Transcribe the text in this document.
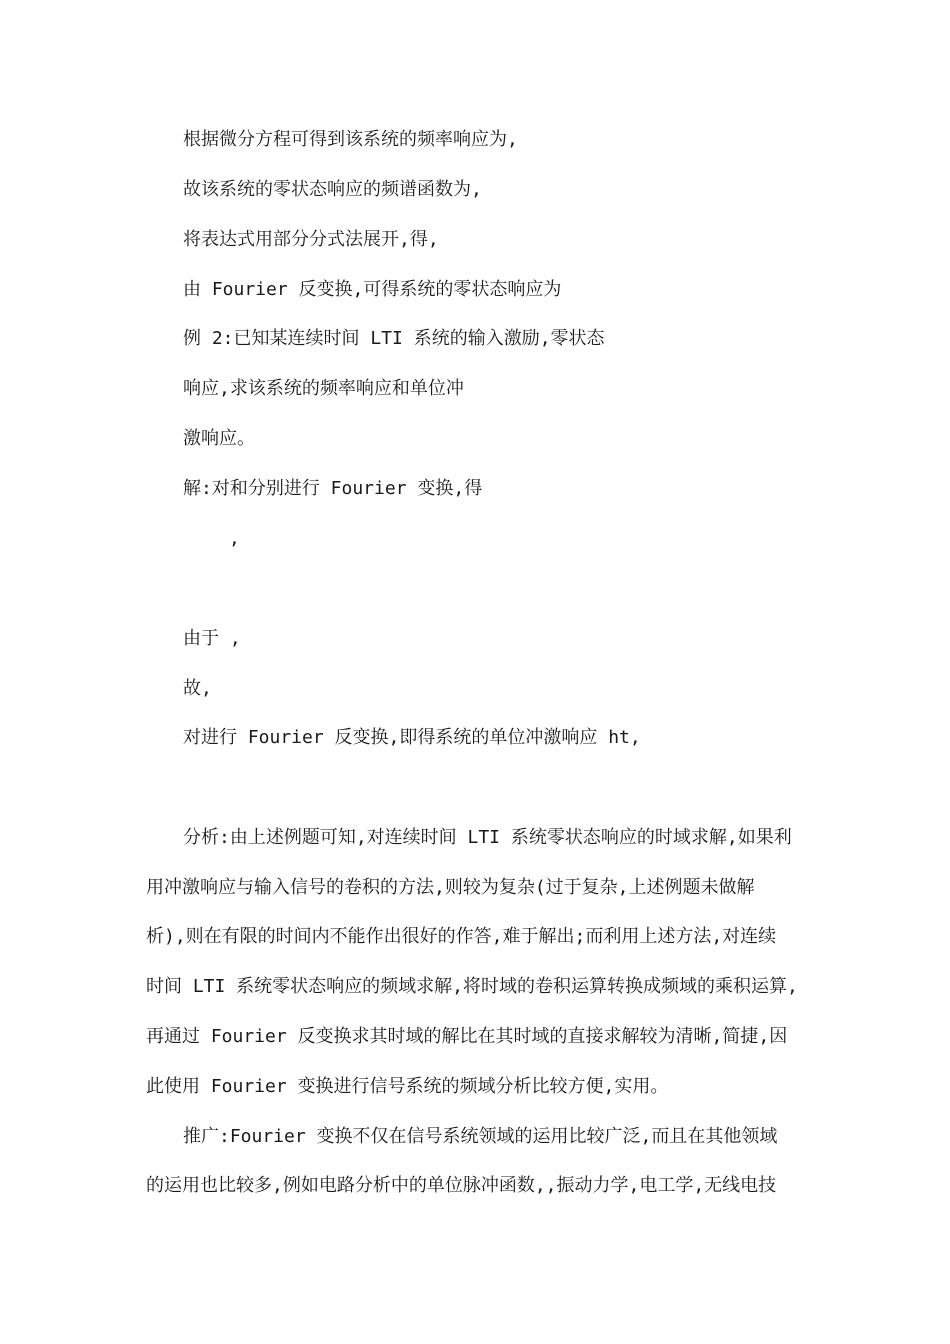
根据微分方程可得到该系统的频率响应为,
故该系统的零状态响应的频谱函数为,
将表达式用部分分式法展开,得,
由 Fourier 反变换,可得系统的零状态响应为
例 2:已知某连续时间 LTI 系统的输入激励,零状态
响应,求该系统的频率响应和单位冲
激响应。
解:对和分别进行 Fourier 变换,得
,
由于 ,
故,
对进行 Fourier 反变换,即得系统的单位冲激响应 ht,
分析:由上述例题可知,对连续时间 LTI 系统零状态响应的时域求解,如果利
用冲激响应与输入信号的卷积的方法,则较为复杂(过于复杂,上述例题未做解
析),则在有限的时间内不能作出很好的作答,难于解出;而利用上述方法,对连续
时间 LTI 系统零状态响应的频域求解,将时域的卷积运算转换成频域的乘积运算,
再通过 Fourier 反变换求其时域的解比在其时域的直接求解较为清晰,简捷,因
此使用 Fourier 变换进行信号系统的频域分析比较方便,实用。
推广:Fourier 变换不仅在信号系统领域的运用比较广泛,而且在其他领域
的运用也比较多,例如电路分析中的单位脉冲函数,,振动力学,电工学,无线电技
